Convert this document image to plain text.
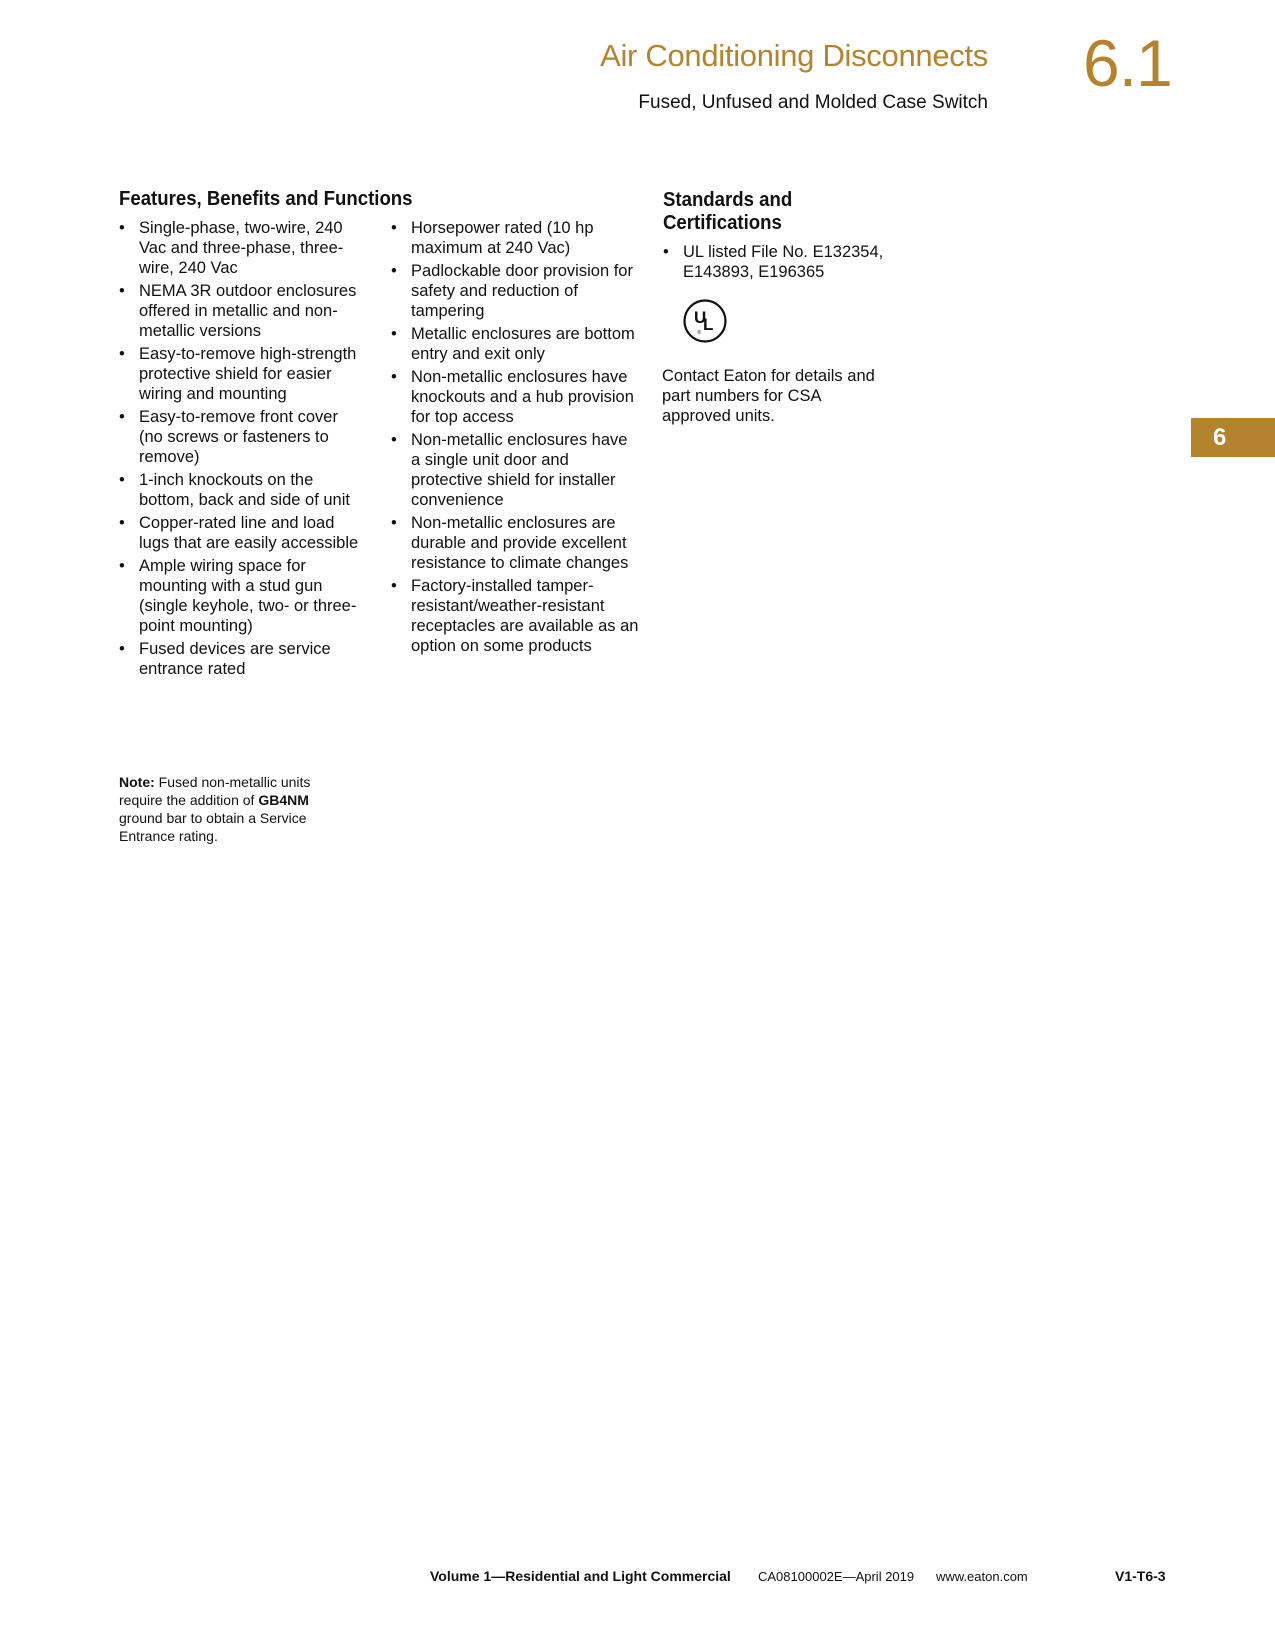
Air Conditioning Disconnects
Fused, Unfused and Molded Case Switch
6.1
Features, Benefits and Functions
• Single-phase, two-wire, 240 Vac and three-phase, three-wire, 240 Vac
• NEMA 3R outdoor enclosures offered in metallic and non-metallic versions
• Easy-to-remove high-strength protective shield for easier wiring and mounting
• Easy-to-remove front cover (no screws or fasteners to remove)
• 1-inch knockouts on the bottom, back and side of unit
• Copper-rated line and load lugs that are easily accessible
• Ample wiring space for mounting with a stud gun (single keyhole, two- or three-point mounting)
• Fused devices are service entrance rated
• Horsepower rated (10 hp maximum at 240 Vac)
• Padlockable door provision for safety and reduction of tampering
• Metallic enclosures are bottom entry and exit only
• Non-metallic enclosures have knockouts and a hub provision for top access
• Non-metallic enclosures have a single unit door and protective shield for installer convenience
• Non-metallic enclosures are durable and provide excellent resistance to climate changes
• Factory-installed tamper-resistant/weather-resistant receptacles are available as an option on some products
Note: Fused non-metallic units require the addition of GB4NM ground bar to obtain a Service Entrance rating.
Standards and Certifications
• UL listed File No. E132354, E143893, E196365
U
L
®
Contact Eaton for details and part numbers for CSA approved units.
6
Volume 1—Residential and Light Commercial CA08100002E—April 2019 www.eaton.com	V1-T6-3
